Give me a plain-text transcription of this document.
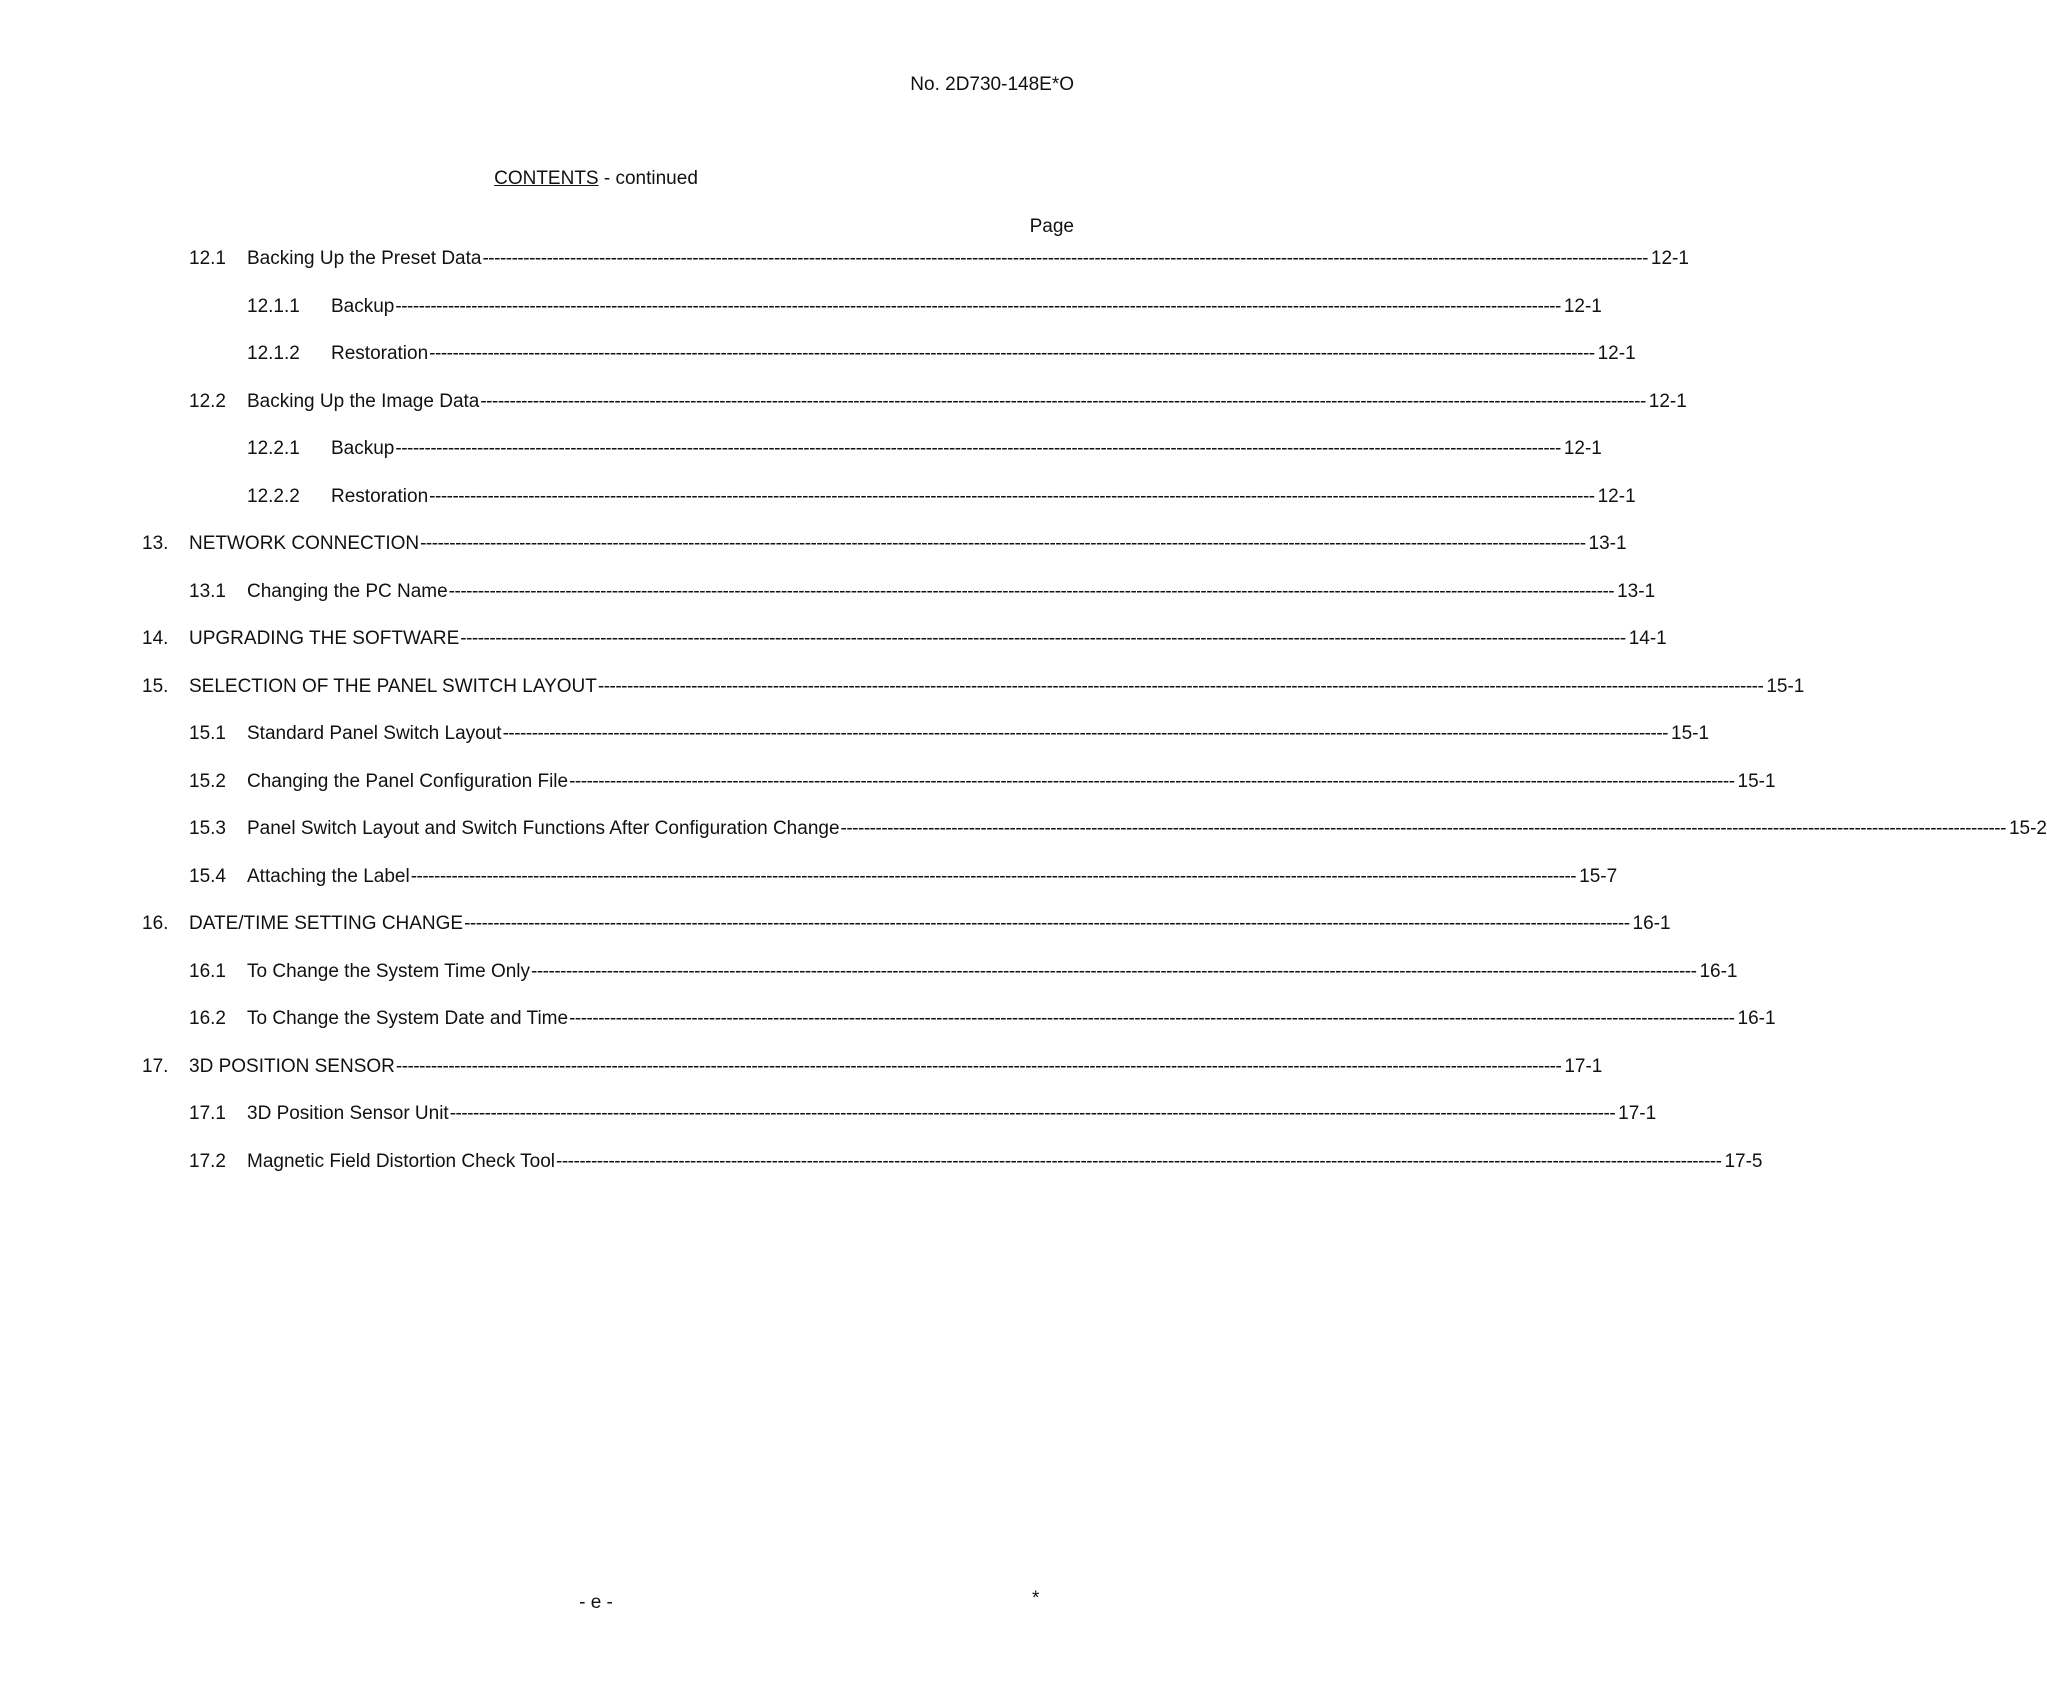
No. 2D730-148E*O
CONTENTS - continued
Page
12.1	Backing Up the Preset Data -------------------------------------------------------------------------------------------------------------------------------------------------------------------------------------------------------- 12-1
12.1.1	Backup -------------------------------------------------------------------------------------------------------------------------------------------------------------------------------------------------------- 12-1
12.1.2	Restoration -------------------------------------------------------------------------------------------------------------------------------------------------------------------------------------------------------- 12-1
12.2	Backing Up the Image Data -------------------------------------------------------------------------------------------------------------------------------------------------------------------------------------------------------- 12-1
12.2.1	Backup -------------------------------------------------------------------------------------------------------------------------------------------------------------------------------------------------------- 12-1
12.2.2	Restoration -------------------------------------------------------------------------------------------------------------------------------------------------------------------------------------------------------- 12-1
13.	NETWORK CONNECTION -------------------------------------------------------------------------------------------------------------------------------------------------------------------------------------------------------- 13-1
13.1	Changing the PC Name -------------------------------------------------------------------------------------------------------------------------------------------------------------------------------------------------------- 13-1
14.	UPGRADING THE SOFTWARE -------------------------------------------------------------------------------------------------------------------------------------------------------------------------------------------------------- 14-1
15.	SELECTION OF THE PANEL SWITCH LAYOUT -------------------------------------------------------------------------------------------------------------------------------------------------------------------------------------------------------- 15-1
15.1	Standard Panel Switch Layout -------------------------------------------------------------------------------------------------------------------------------------------------------------------------------------------------------- 15-1
15.2	Changing the Panel Configuration File -------------------------------------------------------------------------------------------------------------------------------------------------------------------------------------------------------- 15-1
15.3	Panel Switch Layout and Switch Functions After Configuration Change -------------------------------------------------------------------------------------------------------------------------------------------------------------------------------------------------------- 15-2
15.4	Attaching the Label -------------------------------------------------------------------------------------------------------------------------------------------------------------------------------------------------------- 15-7
16.	DATE/TIME SETTING CHANGE -------------------------------------------------------------------------------------------------------------------------------------------------------------------------------------------------------- 16-1
16.1	To Change the System Time Only -------------------------------------------------------------------------------------------------------------------------------------------------------------------------------------------------------- 16-1
16.2	To Change the System Date and Time -------------------------------------------------------------------------------------------------------------------------------------------------------------------------------------------------------- 16-1
17.	3D POSITION SENSOR -------------------------------------------------------------------------------------------------------------------------------------------------------------------------------------------------------- 17-1
17.1	3D Position Sensor Unit -------------------------------------------------------------------------------------------------------------------------------------------------------------------------------------------------------- 17-1
17.2	Magnetic Field Distortion Check Tool -------------------------------------------------------------------------------------------------------------------------------------------------------------------------------------------------------- 17-5
- e -	*
